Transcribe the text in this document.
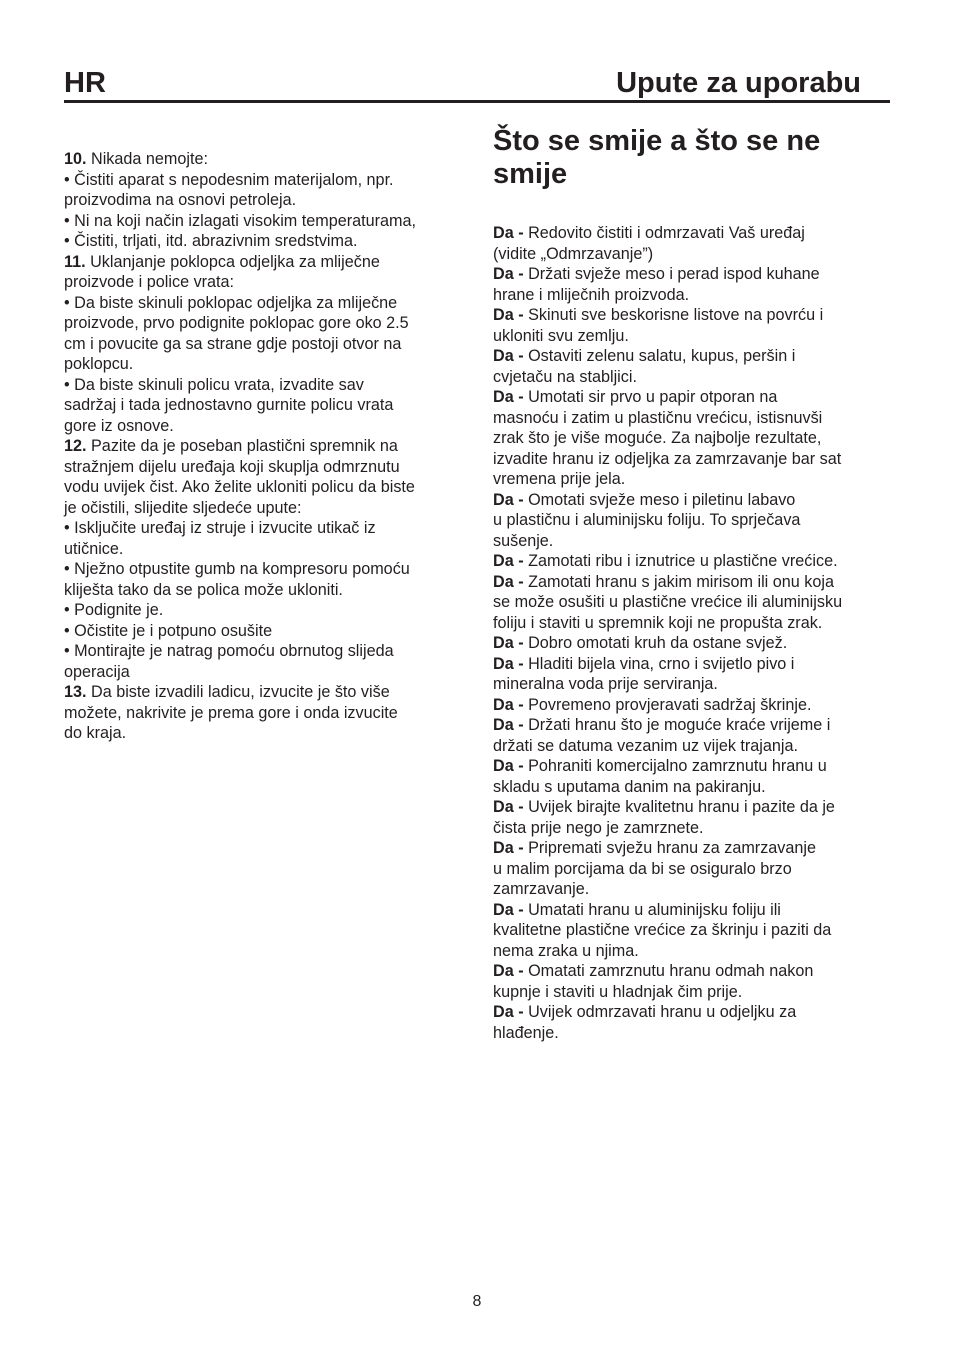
HR	Upute za uporabu
10. Nikada nemojte:
• Čistiti aparat s nepodesnim materijalom, npr.
proizvodima na osnovi petroleja.
• Ni na koji način izlagati visokim temperaturama,
• Čistiti, trljati, itd. abrazivnim sredstvima.
11. Uklanjanje poklopca odjeljka za mliječne
proizvode i police vrata:
• Da biste skinuli poklopac odjeljka za mliječne
proizvode, prvo podignite poklopac gore oko 2.5
cm i povucite ga sa strane gdje postoji otvor na
poklopcu.
• Da biste skinuli policu vrata, izvadite sav
sadržaj i tada jednostavno gurnite policu vrata
gore iz osnove.
12. Pazite da je poseban plastični spremnik na
stražnjem dijelu uređaja koji skuplja odmrznutu
vodu uvijek čist. Ako želite ukloniti policu da biste
je očistili, slijedite sljedeće upute:
• Isključite uređaj iz struje i izvucite utikač iz
utičnice.
• Nježno otpustite gumb na kompresoru pomoću
kliješta tako da se polica može ukloniti.
• Podignite je.
• Očistite je i potpuno osušite
• Montirajte je natrag pomoću obrnutog slijeda
operacija
13. Da biste izvadili ladicu, izvucite je što više
možete, nakrivite je prema gore i onda izvucite
do kraja.
Što se smije a što se ne
smije
Da - Redovito čistiti i odmrzavati Vaš uređaj
(vidite „Odmrzavanje”)
Da - Držati svježe meso i perad ispod kuhane
hrane i mliječnih proizvoda.
Da - Skinuti sve beskorisne listove na povrću i
ukloniti svu zemlju.
Da - Ostaviti zelenu salatu, kupus, peršin i
cvjetaču na stabljici.
Da - Umotati sir prvo u papir otporan na
masnoću i zatim u plastičnu vrećicu, istisnuvši
zrak što je više moguće. Za najbolje rezultate,
izvadite hranu iz odjeljka za zamrzavanje bar sat
vremena prije jela.
Da - Omotati svježe meso i piletinu labavo
u plastičnu i aluminijsku foliju. To sprječava
sušenje.
Da - Zamotati ribu i iznutrice u plastične vrećice.
Da - Zamotati hranu s jakim mirisom ili onu koja
se može osušiti u plastične vrećice ili aluminijsku
foliju i staviti u spremnik koji ne propušta zrak.
Da - Dobro omotati kruh da ostane svjež.
Da - Hladiti bijela vina, crno i svijetlo pivo i
mineralna voda prije serviranja.
Da - Povremeno provjeravati sadržaj škrinje.
Da - Držati hranu što je moguće kraće vrijeme i
držati se datuma vezanim uz vijek trajanja.
Da - Pohraniti komercijalno zamrznutu hranu u
skladu s uputama danim na pakiranju.
Da - Uvijek birajte kvalitetnu hranu i pazite da je
čista prije nego je zamrznete.
Da - Pripremati svježu hranu za zamrzavanje
u malim porcijama da bi se osiguralo brzo
zamrzavanje.
Da - Umatati hranu u aluminijsku foliju ili
kvalitetne plastične vrećice za škrinju i paziti da
nema zraka u njima.
Da - Omatati zamrznutu hranu odmah nakon
kupnje i staviti u hladnjak čim prije.
Da - Uvijek odmrzavati hranu u odjeljku za
hlađenje.
8
